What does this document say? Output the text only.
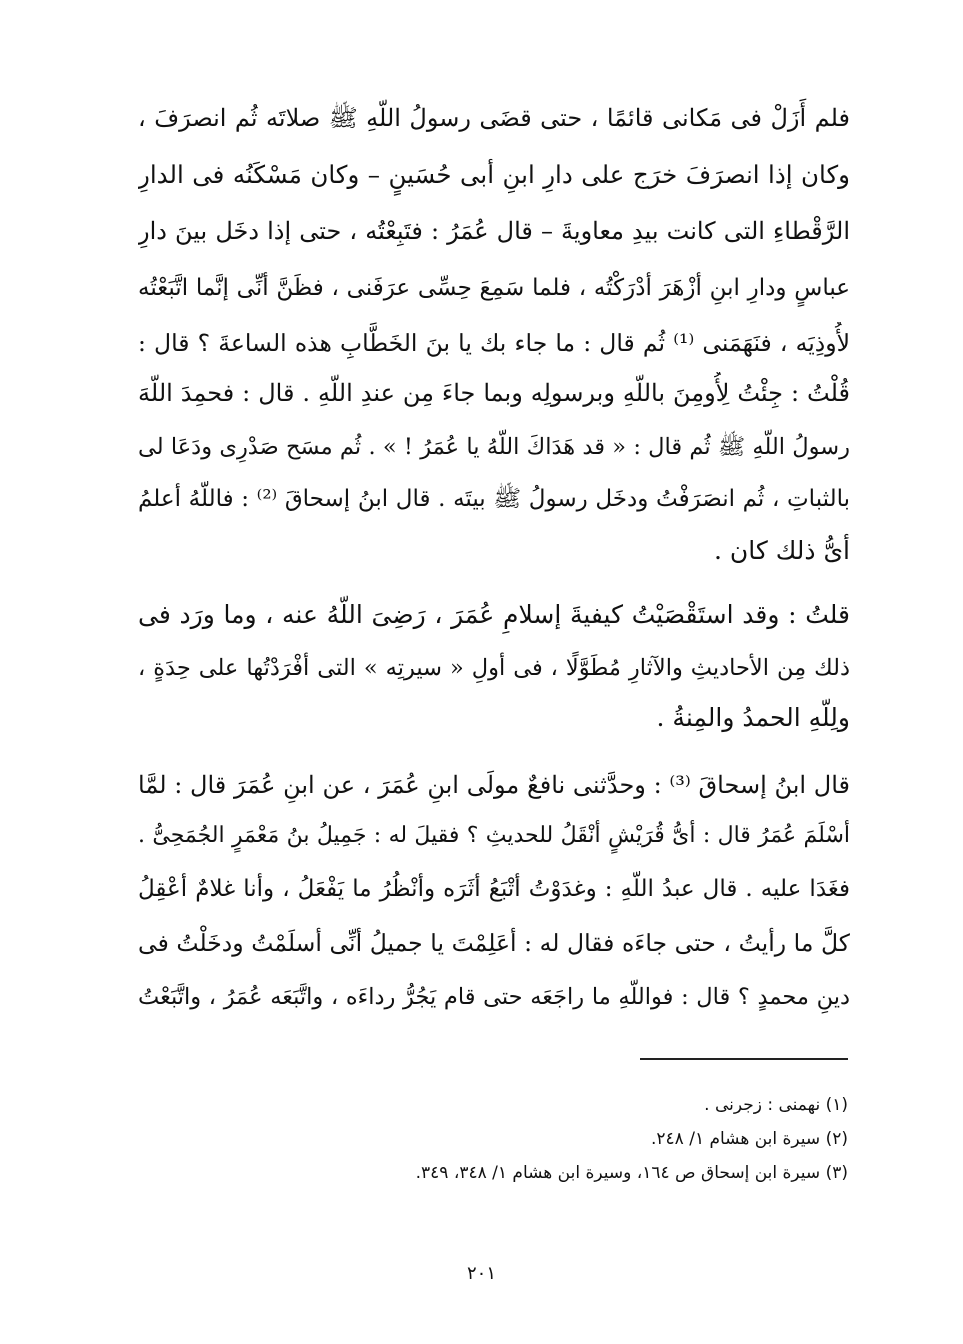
فلم أَزَلْ فى مَكانى قائمًا ، حتى قضَى رسولُ اللّهِ ﷺ صلاتَه ثُم انصرَفَ ،
وكان إذا انصرَفَ خرَج على دارِ ابنِ أبى حُسَينٍ – وكان مَسْكَنُه فى الدارِ
الرَّقْطاءِ التى كانت بيدِ معاويةَ – قال عُمَرُ : فتَبِعْتُه ، حتى إذا دخَل بينَ دارِ
عباسٍ ودارِ ابنِ أزْهَرَ أدْرَكْتُه ، فلما سَمِعَ حِسِّى عرَفَنى ، فظَنَّ أنِّى إنَّما اتَّبَعْتُه
لأُوذِيَه ، فنَهَمَنى ⁽¹⁾ ثُم قال : ما جاء بك يا بنَ الخَطَّابِ هذه الساعةَ ؟ قال :
قُلْتُ : جِئْتُ لِأُومِنَ باللّهِ وبرسولِه وبما جاءَ مِن عندِ اللّهِ . قال : فحمِدَ اللّهَ
رسولُ اللّهِ ﷺ ثُم قال : « قد هَدَاكَ اللّهُ يا عُمَرُ ! » . ثُم مسَح صَدْرِى ودَعَا لى
بالثباتِ ، ثُم انصَرَفْتُ ودخَل رسولُ ﷺ بيتَه . قال ابنُ إسحاقَ ⁽²⁾ : فاللّهُ أعلمُ
أىُّ ذلك كان .
قلتُ : وقد استَقْصَيْتُ كيفيةَ إسلامِ عُمَرَ ، رَضِىَ اللّهُ عنه ، وما ورَد فى
ذلك مِن الأحاديثِ والآثارِ مُطَوَّلًا ، فى أولِ « سيرتِه » التى أفْرَدْتُها على حِدَةٍ ،
ولِلّهِ الحمدُ والمِنةُ .
قال ابنُ إسحاقَ ⁽³⁾ : وحدَّثنى نافعٌ مولَى ابنِ عُمَرَ ، عن ابنِ عُمَرَ قال : لمَّا
أسْلَمَ عُمَرُ قال : أىُّ قُرَيْشٍ أنْقَلُ للحديثِ ؟ فقيلَ له : جَمِيلُ بنُ مَعْمَرٍ الجُمَحِىُّ .
فغَدَا عليه . قال عبدُ اللّهِ : وغدَوْتُ أتْبَعُ أثَرَه وأنْظُرُ ما يَفْعَلُ ، وأنا غلامٌ أعْقِلُ
كلَّ ما رأيتُ ، حتى جاءَه فقال له : أعَلِمْتَ يا جميلُ أنِّى أسلَمْتُ ودخَلْتُ فى
دينِ محمدٍ ؟ قال : فواللّهِ ما راجَعَه حتى قام يَجُرُّ رداءَه ، واتَّبَعَه عُمَرُ ، واتَّبَعْتُ
(١) نهمنى : زجرنى .
(٢) سيرة ابن هشام ١/ ٢٤٨.
(٣) سيرة ابن إسحاق ص ١٦٤، وسيرة ابن هشام ١/ ٣٤٨، ٣٤٩.
٢٠١
